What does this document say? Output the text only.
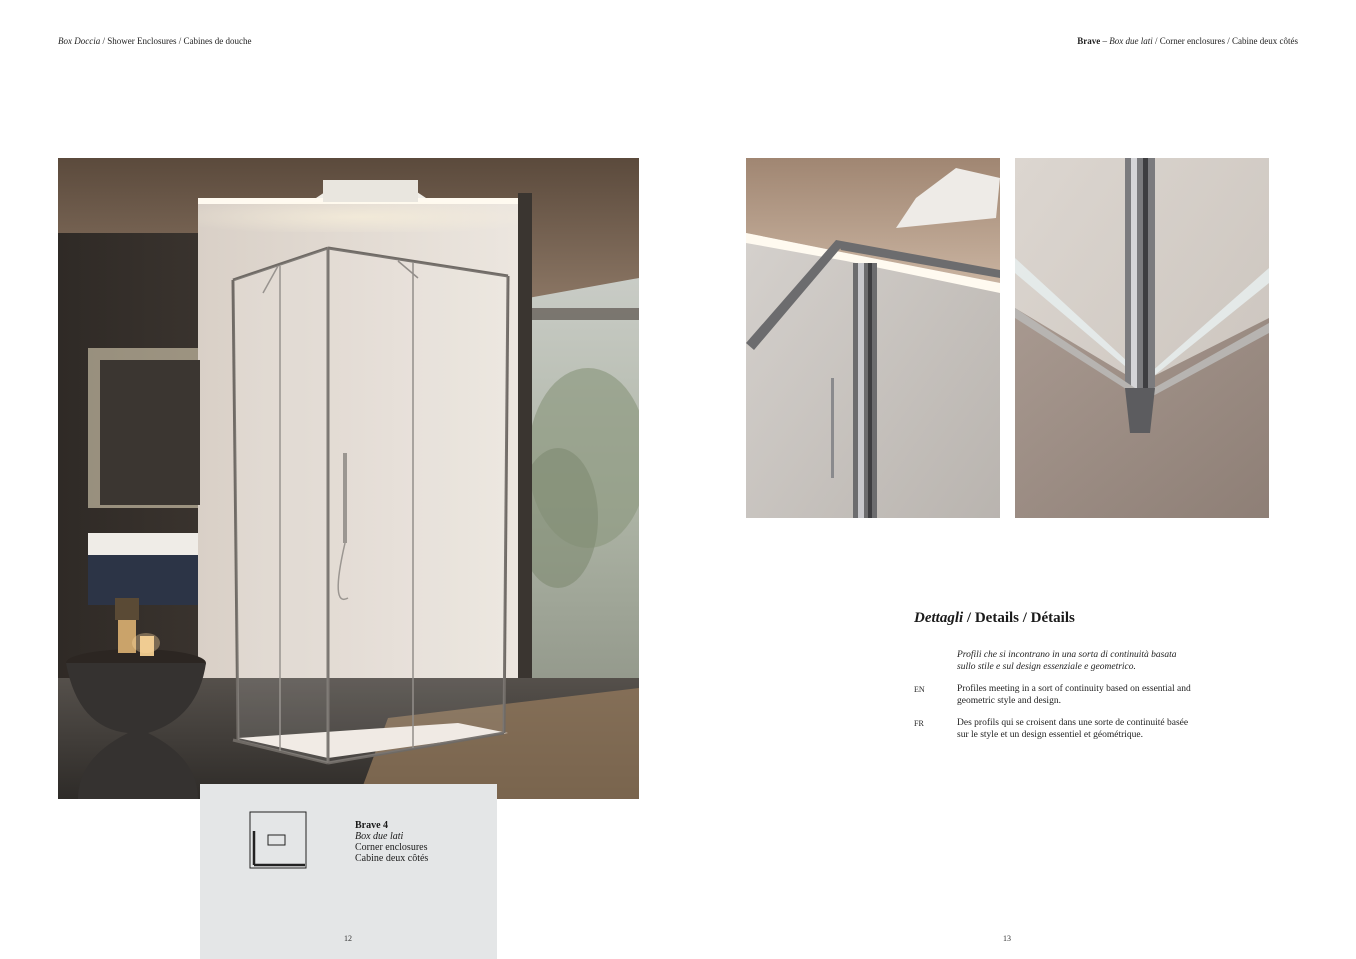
Box Doccia / Shower Enclosures / Cabines de douche	Brave – Box due lati / Corner enclosures / Cabine deux côtés
Brave 4
Box due lati
Corner enclosures
Cabine deux côtés
Dettagli / Details / Détails
Profili che si incontrano in una sorta di continuità basata sullo stile e sul design essenziale e geometrico.
EN	Profiles meeting in a sort of continuity based on essential and geometric style and design.
FR	Des profils qui se croisent dans une sorte de continuité basée sur le style et un design essentiel et géométrique.
12	13
